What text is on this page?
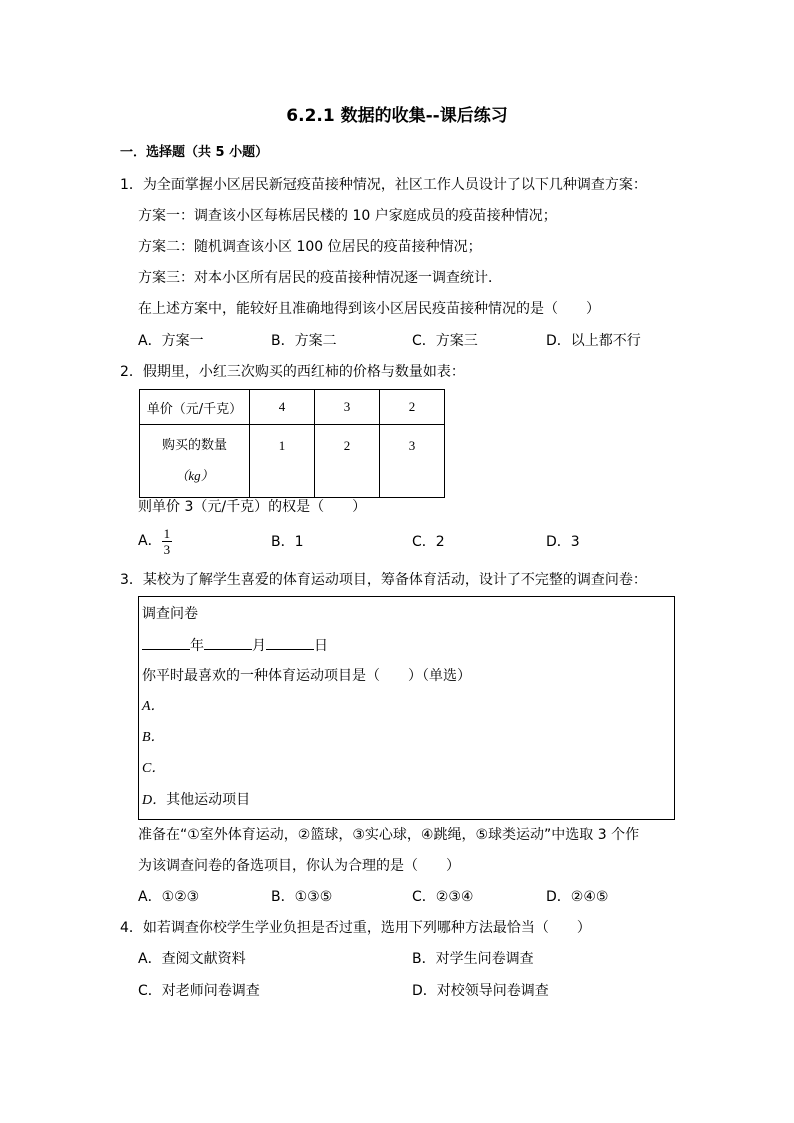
6.2.1 数据的收集--课后练习
一．选择题（共 5 小题）
1．为全面掌握小区居民新冠疫苗接种情况，社区工作人员设计了以下几种调查方案：
方案一：调查该小区每栋居民楼的 10 户家庭成员的疫苗接种情况；
方案二：随机调查该小区 100 位居民的疫苗接种情况；
方案三：对本小区所有居民的疫苗接种情况逐一调查统计．
在上述方案中，能较好且准确地得到该小区居民疫苗接种情况的是（　　）
A．方案一	B．方案二	C．方案三	D．以上都不行
2．假期里，小红三次购买的西红柿的价格与数量如表：
单价（元/千克）	4	3	2

购买的数量
（kg）	1	2	3
则单价 3（元/千克）的权是（　　）
A． $\frac{1}{3}$	B．1	C．2	D．3
3．某校为了解学生喜爱的体育运动项目，筹备体育活动，设计了不完整的调查问卷：
调查问卷
年	月	日
你平时最喜欢的一种体育运动项目是（　　）（单选）
A．
B．
C．
D．其他运动项目
准备在“①室外体育运动，②篮球，③实心球，④跳绳，⑤球类运动”中选取 3 个作
为该调查问卷的备选项目，你认为合理的是（　　）
A．①②③	B．①③⑤	C．②③④	D．②④⑤
4．如若调查你校学生学业负担是否过重，选用下列哪种方法最恰当（　　）
A．查阅文献资料	B．对学生问卷调查
C．对老师问卷调查	D．对校领导问卷调查
